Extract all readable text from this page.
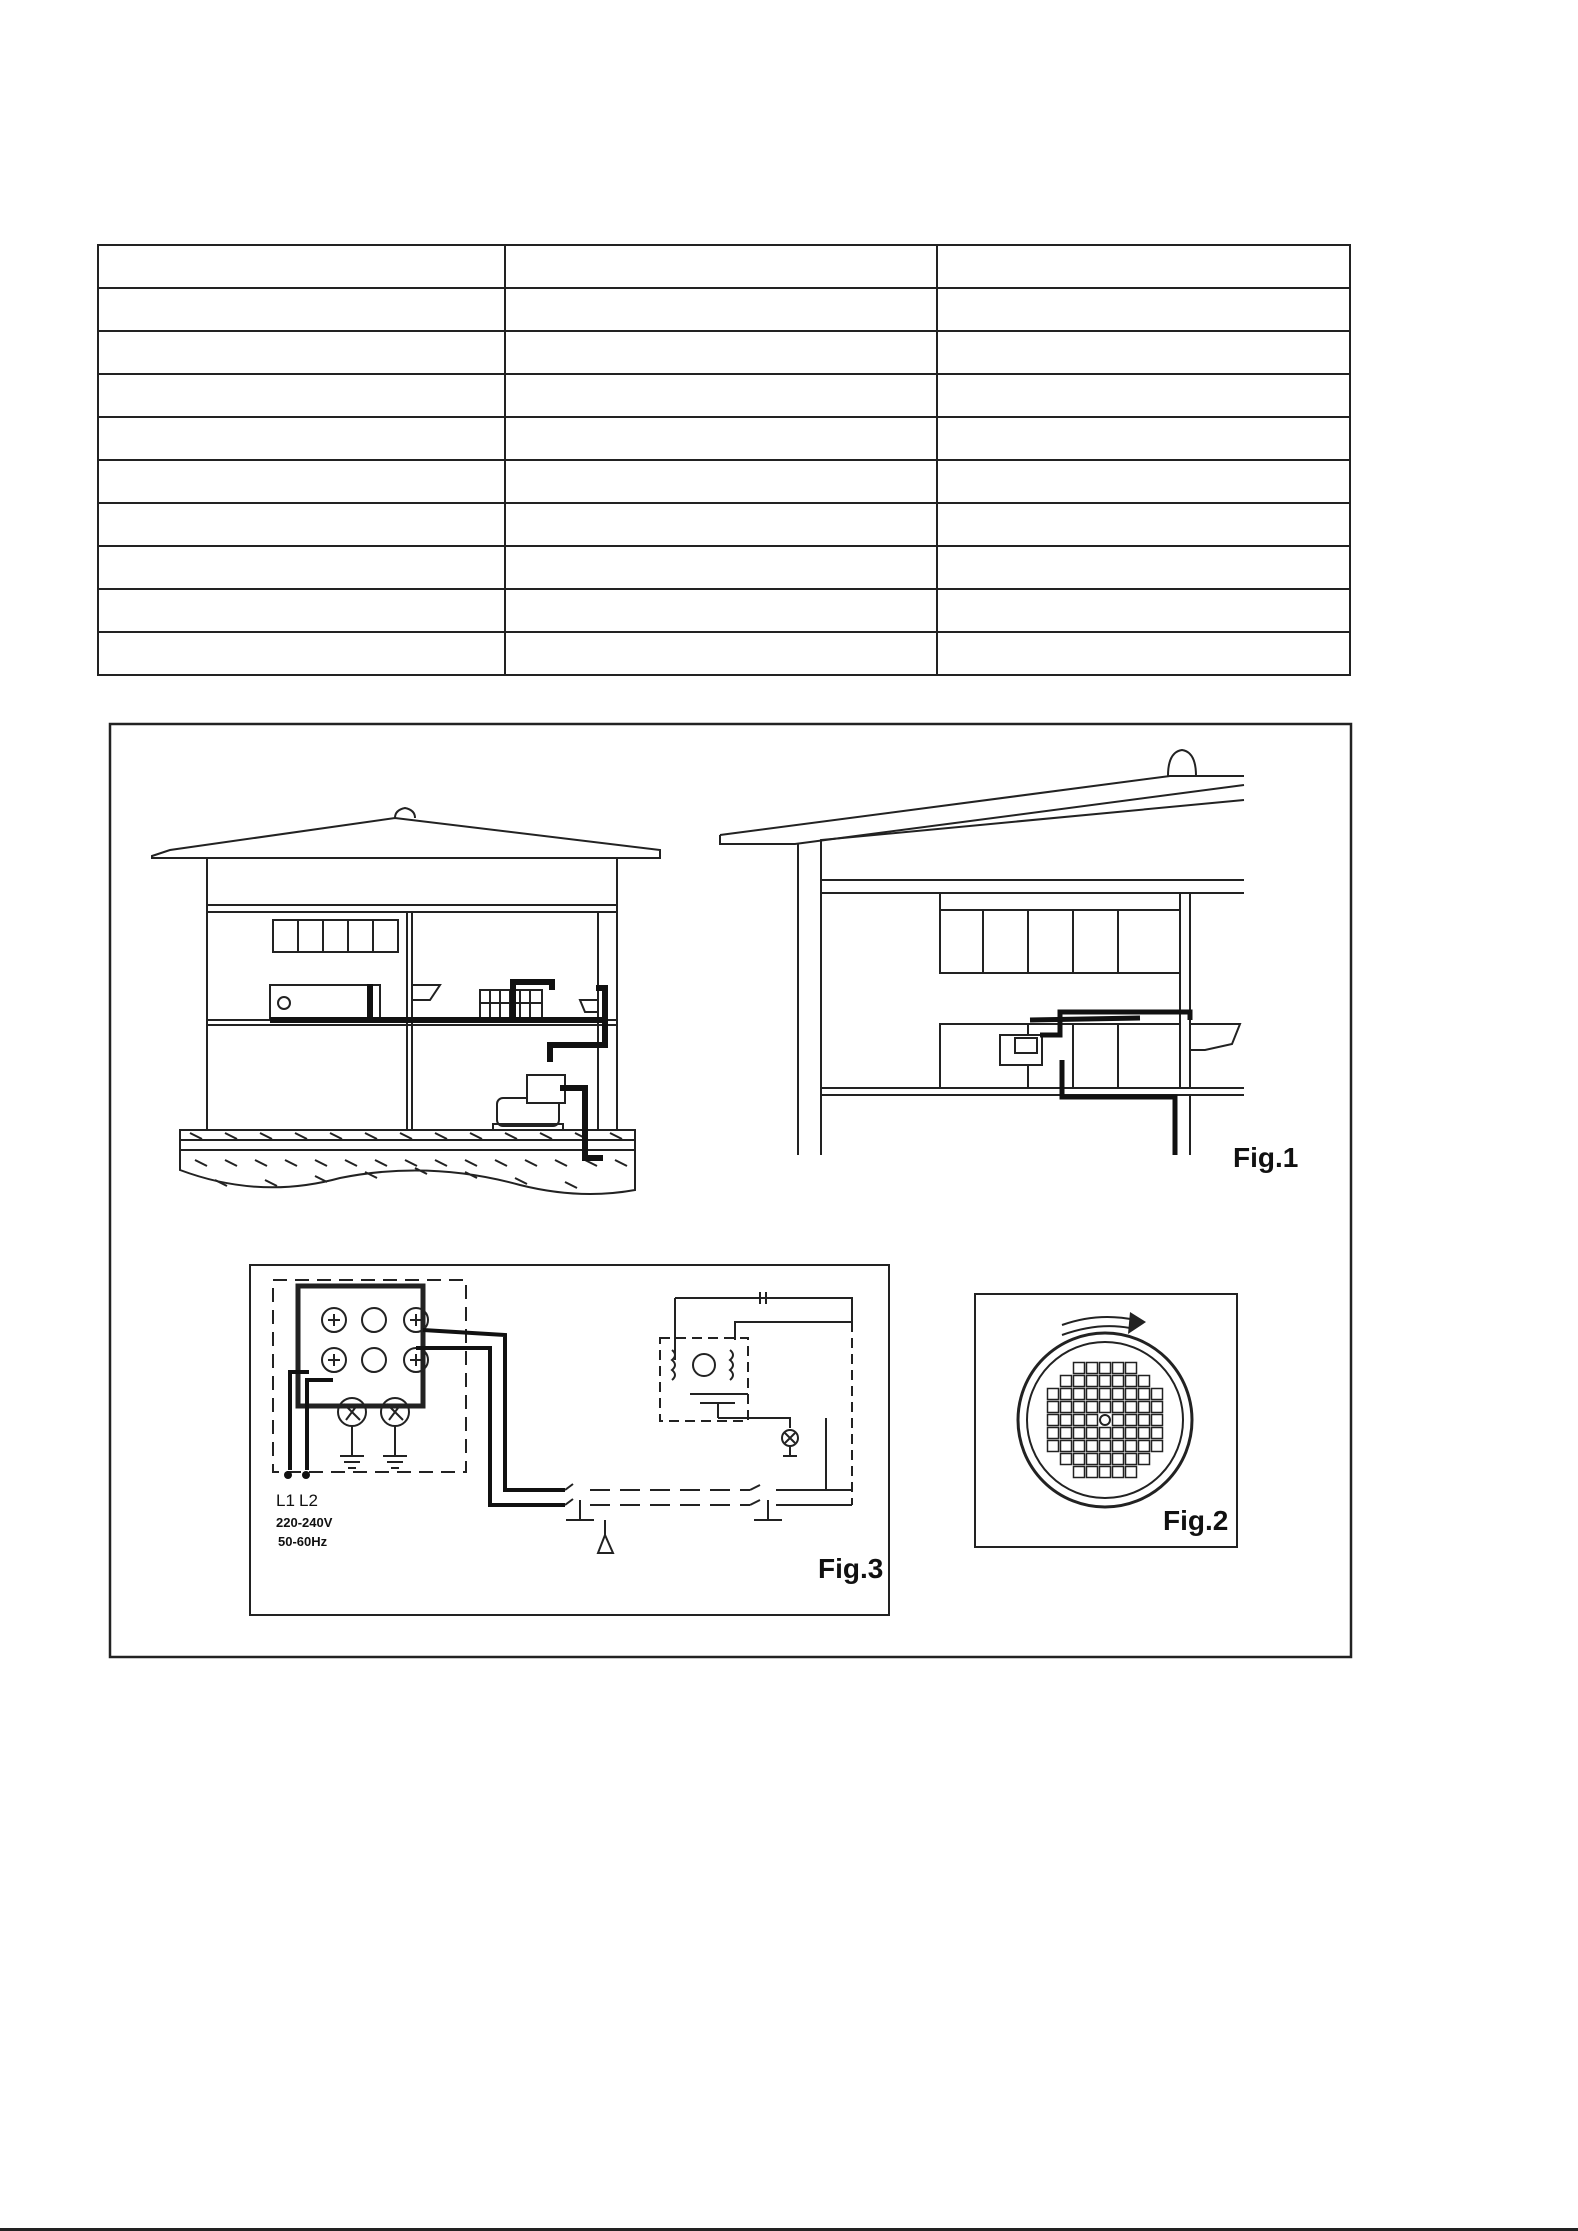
Fig.1
L1 L2
220-240V
50-60Hz
Fig.3
Fig.2
